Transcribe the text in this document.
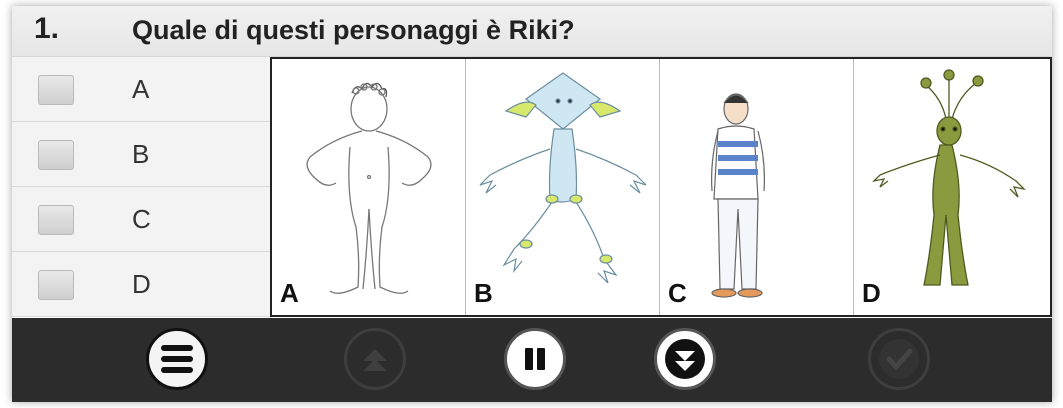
1.	Quale di questi personaggi è Riki?
A
B
C
D	A	B	C	D
